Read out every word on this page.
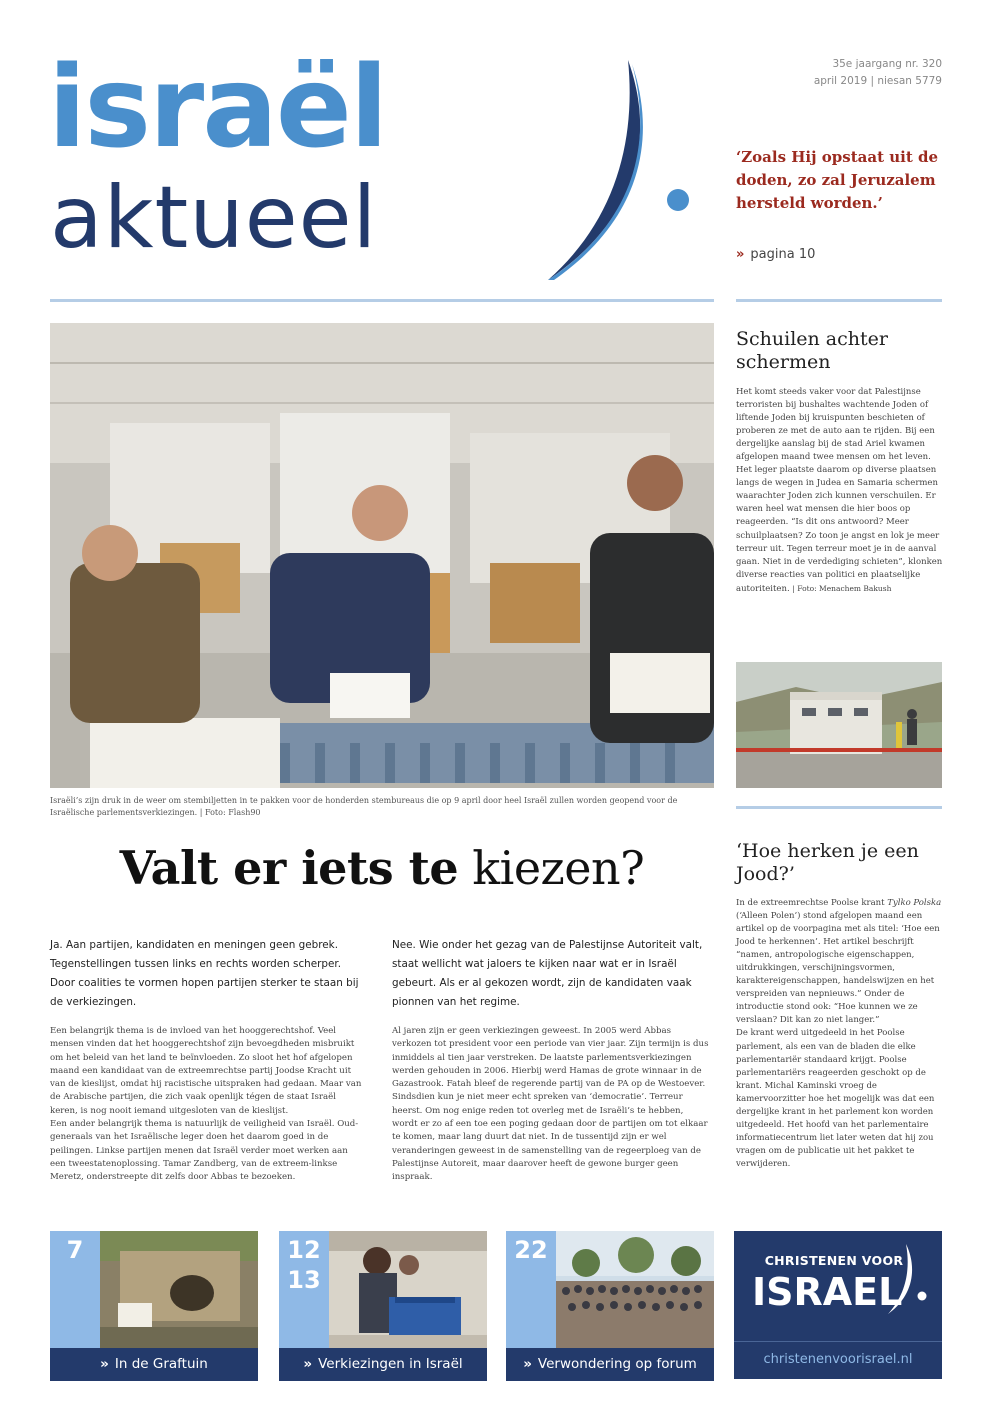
israël
aktueel
35e jaargang nr. 320
april 2019 | niesan 5779
‘Zoals Hij opstaat uit de doden, zo zal Jeruzalem hersteld worden.’
» pagina 10
Israëli’s zijn druk in de weer om stembiljetten in te pakken voor de honderden stembureaus die op 9 april door heel Israël zullen worden geopend voor de Israëlische parlementsverkiezingen. | Foto: Flash90
Valt er iets te kiezen?
Ja. Aan partijen, kandidaten en meningen geen gebrek. Tegenstellingen tussen links en rechts worden scherper. Door coalities te vormen hopen partijen sterker te staan bij de verkiezingen.
Nee. Wie onder het gezag van de Palestijnse Autoriteit valt, staat wellicht wat jaloers te kijken naar wat er in Israël gebeurt. Als er al gekozen wordt, zijn de kandidaten vaak pionnen van het regime.
Een belangrijk thema is de invloed van het hooggerechtshof. Veel mensen vinden dat het hooggerechtshof zijn bevoegdheden misbruikt om het beleid van het land te beïnvloeden. Zo sloot het hof afgelopen maand een kandidaat van de extreemrechtse partij Joodse Kracht uit van de kieslijst, omdat hij racistische uitspraken had gedaan. Maar van de Arabische partijen, die zich vaak openlijk tégen de staat Israël keren, is nog nooit iemand uitgesloten van de kieslijst.
Een ander belangrijk thema is natuurlijk de veiligheid van Israël. Oud-generaals van het Israëlische leger doen het daarom goed in de peilingen. Linkse partijen menen dat Israël verder moet werken aan een tweestatenoplossing. Tamar Zandberg, van de extreem-linkse Meretz, onderstreepte dit zelfs door Abbas te bezoeken.
Al jaren zijn er geen verkiezingen geweest. In 2005 werd Abbas verkozen tot president voor een periode van vier jaar. Zijn termijn is dus inmiddels al tien jaar verstreken. De laatste parlementsverkiezingen werden gehouden in 2006. Hierbij werd Hamas de grote winnaar in de Gazastrook. Fatah bleef de regerende partij van de PA op de Westoever. Sindsdien kun je niet meer echt spreken van ‘democratie’. Terreur heerst. Om nog enige reden tot overleg met de Israëli’s te hebben, wordt er zo af een toe een poging gedaan door de partijen om tot elkaar te komen, maar lang duurt dat niet. In de tussentijd zijn er wel veranderingen geweest in de samenstelling van de regeerploeg van de Palestijnse Autoreit, maar daarover heeft de gewone burger geen inspraak.
Schuilen achter schermen
Het komt steeds vaker voor dat Palestijnse terroristen bij bushaltes wachtende Joden of liftende Joden bij kruispunten beschieten of proberen ze met de auto aan te rijden. Bij een dergelijke aanslag bij de stad Ariel kwamen afgelopen maand twee mensen om het leven. Het leger plaatste daarom op diverse plaatsen langs de wegen in Judea en Samaria schermen waarachter Joden zich kunnen verschuilen. Er waren heel wat mensen die hier boos op reageerden. “Is dit ons antwoord? Meer schuilplaatsen? Zo toon je angst en lok je meer terreur uit. Tegen terreur moet je in de aanval gaan. Niet in de verdediging schieten”, klonken diverse reacties van politici en plaatselijke autoriteiten. | Foto: Menachem Bakush
‘Hoe herken je een Jood?’
In de extreemrechtse Poolse krant Tylko Polska (‘Alleen Polen’) stond afgelopen maand een artikel op de voorpagina met als titel: ‘Hoe een Jood te herkennen’. Het artikel beschrijft “namen, antropologische eigenschappen, uitdrukkingen, verschijningsvormen, karaktereigenschappen, handelswijzen en het verspreiden van nepnieuws.” Onder de introductie stond ook: “Hoe kunnen we ze verslaan? Dit kan zo niet langer.”
De krant werd uitgedeeld in het Poolse parlement, als een van de bladen die elke parlementariër standaard krijgt. Poolse parlementariërs reageerden geschokt op de krant. Michal Kaminski vroeg de kamervoorzitter hoe het mogelijk was dat een dergelijke krant in het parlement kon worden uitgedeeld. Het hoofd van het parlementaire informatiecentrum liet later weten dat hij zou vragen om de publicatie uit het pakket te verwijderen.
7
» In de Graftuin
12
13
» Verkiezingen in Israël
22
» Verwondering op forum
CHRISTENEN VOOR
ISRAEL
christenenvoorisrael.nl
